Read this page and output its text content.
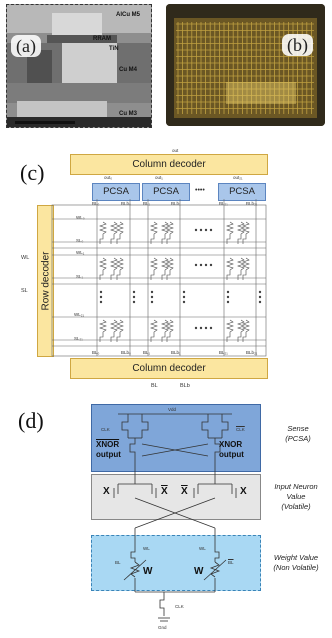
(a)
AlCu M5
RRAM
TiN
Cu M4
Cu M3
(b)
(c)
out
Column decoder
out₀	out₁	out₂₁
PCSA	PCSA	••••	PCSA
BL₀	BLb₀	BL₁	BLb₁	BL₂₁	BLb₂₁
Row decoder
WL
SL
WL₀
SL₀
WL₁
SL₁
WL₂₁
SL₂₁
BL₀	BLb₀	BL₁	BLb₁	BL₂₁	BLb₂₁
Column decoder
BL	BLb
(d)	Vdd
CLK	$\overline{CLK}$
XNOR
output
XNOR
output
X	$\overline{X}$ $\overline{X}$	X
WL	WL
BL	$\overline{BL}$
W	W
CLK
Gnd
Sense
(PCSA)
Input Neuron
Value
(Volatile)
Weight Value
(Non Volatile)
